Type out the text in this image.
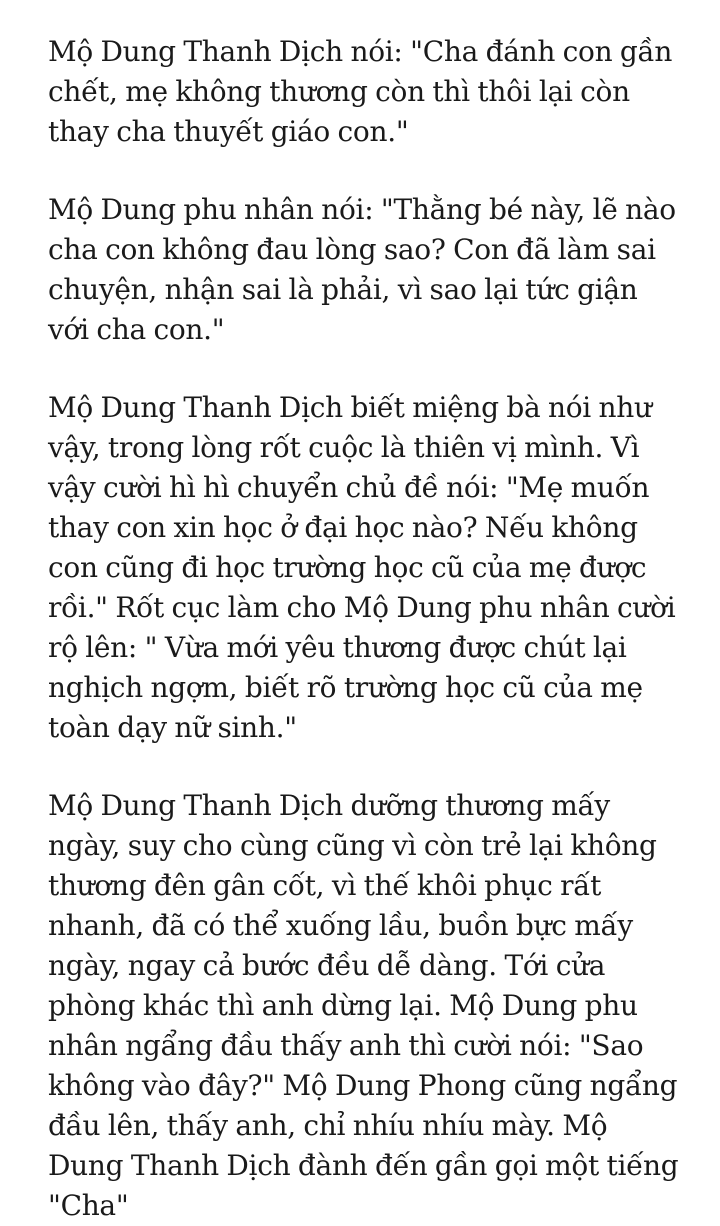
Mộ Dung Thanh Dịch nói: "Cha đánh con gần
chết, mẹ không thương còn thì thôi lại còn
thay cha thuyết giáo con."

Mộ Dung phu nhân nói: "Thằng bé này, lẽ nào
cha con không đau lòng sao? Con đã làm sai
chuyện, nhận sai là phải, vì sao lại tức giận
với cha con."

Mộ Dung Thanh Dịch biết miệng bà nói như
vậy, trong lòng rốt cuộc là thiên vị mình. Vì
vậy cười hì hì chuyển chủ đề nói: "Mẹ muốn
thay con xin học ở đại học nào? Nếu không
con cũng đi học trường học cũ của mẹ được
rồi." Rốt cục làm cho Mộ Dung phu nhân cười
rộ lên: " Vừa mới yêu thương được chút lại
nghịch ngợm, biết rõ trường học cũ của mẹ
toàn dạy nữ sinh."

Mộ Dung Thanh Dịch dưỡng thương mấy
ngày, suy cho cùng cũng vì còn trẻ lại không
thương đên gân cốt, vì thế khôi phục rất
nhanh, đã có thể xuống lầu, buồn bực mấy
ngày, ngay cả bước đều dễ dàng. Tới cửa
phòng khác thì anh dừng lại. Mộ Dung phu
nhân ngẩng đầu thấy anh thì cười nói: "Sao
không vào đây?" Mộ Dung Phong cũng ngẩng
đầu lên, thấy anh, chỉ nhíu nhíu mày. Mộ
Dung Thanh Dịch đành đến gần gọi một tiếng
"Cha"
